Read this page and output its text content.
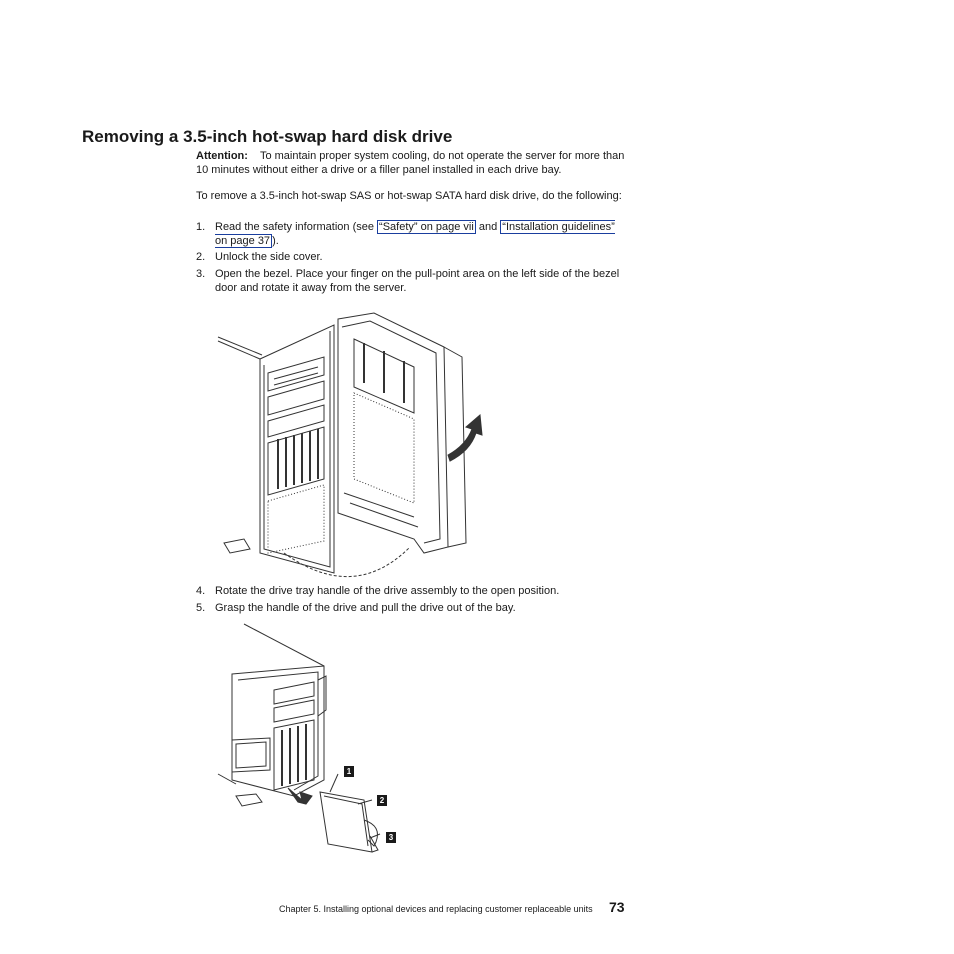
Removing a 3.5-inch hot-swap hard disk drive

Attention: To maintain proper system cooling, do not operate the server for more than 10 minutes without either a drive or a filler panel installed in each drive bay.

To remove a 3.5-inch hot-swap SAS or hot-swap SATA hard disk drive, do the following:

1. Read the safety information (see “Safety” on page vii and “Installation guidelines” on page 37 ).
2. Unlock the side cover.
3. Open the bezel. Place your finger on the pull-point area on the left side of the bezel door and rotate it away from the server.
4. Rotate the drive tray handle of the drive assembly to the open position.
5. Grasp the handle of the drive and pull the drive out of the bay.
1
2
3
Chapter 5. Installing optional devices and replacing customer replaceable units 73
